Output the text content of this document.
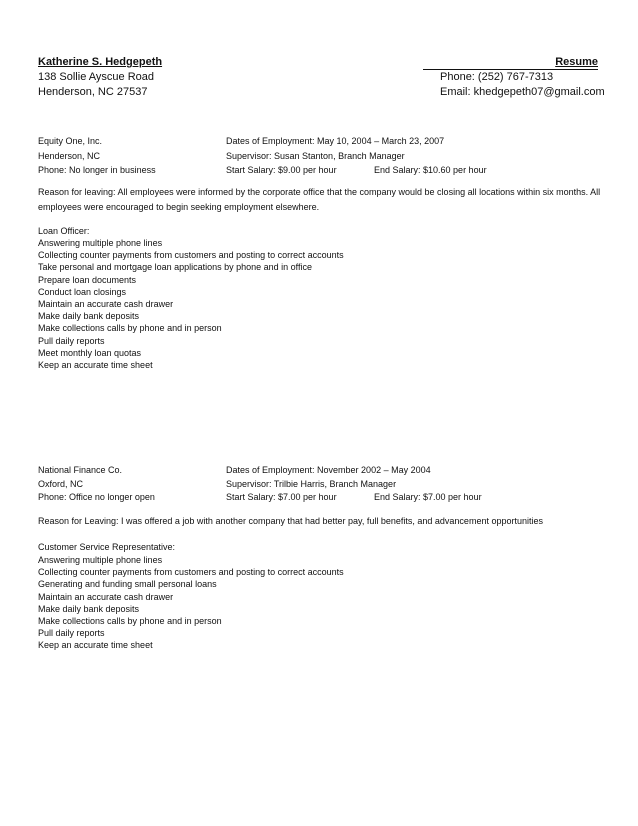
Katherine S. Hedgepeth	Resume
138 Sollie Ayscue Road	Phone: (252) 767-7313
Henderson, NC 27537	Email: khedgepeth07@gmail.com
Equity One, Inc.	Dates of Employment: May 10, 2004 – March 23, 2007
Henderson, NC	Supervisor: Susan Stanton, Branch Manager
Phone: No longer in business	Start Salary: $9.00 per hour	End Salary: $10.60 per hour
Reason for leaving: All employees were informed by the corporate office that the company would be closing all locations within six months. All employees were encouraged to begin seeking employment elsewhere.
Loan Officer:
Answering multiple phone lines
Collecting counter payments from customers and posting to correct accounts
Take personal and mortgage loan applications by phone and in office
Prepare loan documents
Conduct loan closings
Maintain an accurate cash drawer
Make daily bank deposits
Make collections calls by phone and in person
Pull daily reports
Meet monthly loan quotas
Keep an accurate time sheet
National Finance Co.	Dates of Employment: November 2002 – May 2004
Oxford, NC	Supervisor: Trilbie Harris, Branch Manager
Phone: Office no longer open	Start Salary: $7.00 per hour	End Salary: $7.00 per hour
Reason for Leaving: I was offered a job with another company that had better pay, full benefits, and advancement opportunities
Customer Service Representative:
Answering multiple phone lines
Collecting counter payments from customers and posting to correct accounts
Generating and funding small personal loans
Maintain an accurate cash drawer
Make daily bank deposits
Make collections calls by phone and in person
Pull daily reports
Keep an accurate time sheet
